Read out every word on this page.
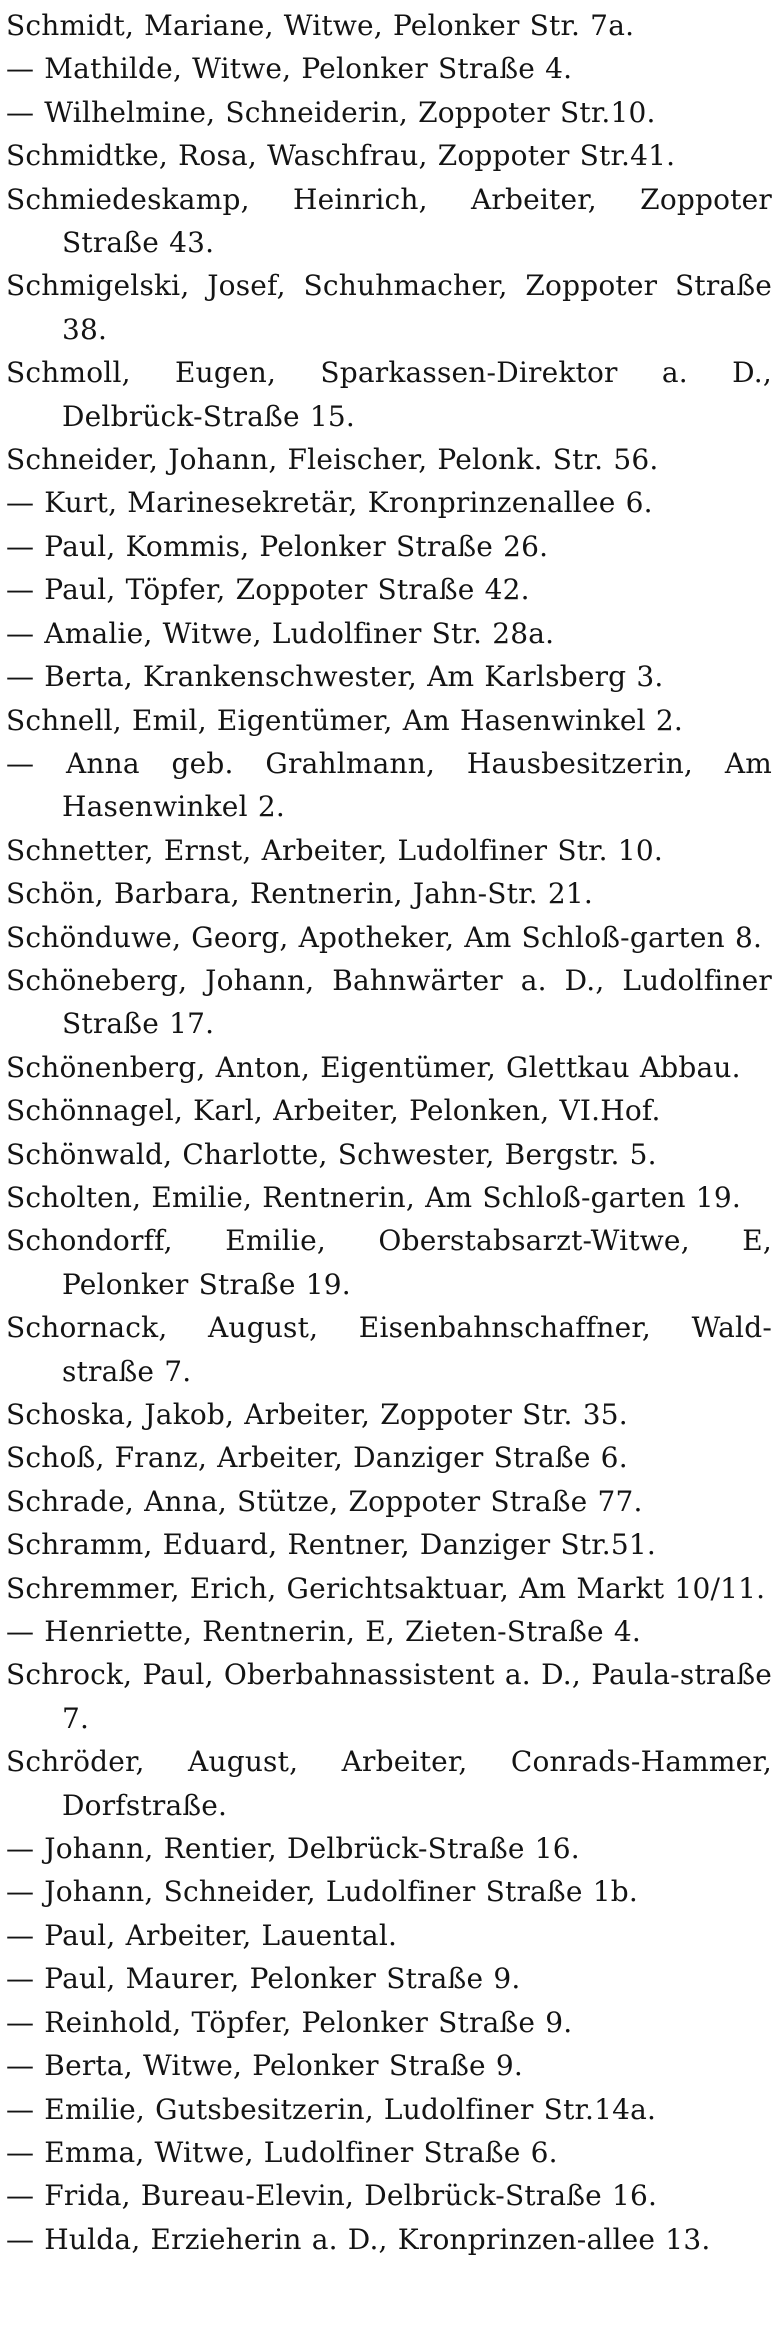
Schmidt, Mariane, Witwe, Pelonker Str. 7a.
— Mathilde, Witwe, Pelonker Straße 4.
— Wilhelmine, Schneiderin, Zoppoter Str.10.
Schmidtke, Rosa, Waschfrau, Zoppoter Str.41.
Schmiedeskamp, Heinrich, Arbeiter, Zoppoter Straße 43.
Schmigelski, Josef, Schuhmacher, Zoppoter Straße 38.
Schmoll, Eugen, Sparkassen-Direktor a. D., Delbrück-Straße 15.
Schneider, Johann, Fleischer, Pelonk. Str. 56.
— Kurt, Marinesekretär, Kronprinzenallee 6.
— Paul, Kommis, Pelonker Straße 26.
— Paul, Töpfer, Zoppoter Straße 42.
— Amalie, Witwe, Ludolfiner Str. 28a.
— Berta, Krankenschwester, Am Karlsberg 3.
Schnell, Emil, Eigentümer, Am Hasenwinkel 2.
— Anna geb. Grahlmann, Hausbesitzerin, Am Hasenwinkel 2.
Schnetter, Ernst, Arbeiter, Ludolfiner Str. 10.
Schön, Barbara, Rentnerin, Jahn-Str. 21.
Schönduwe, Georg, Apotheker, Am Schloß-garten 8.
Schöneberg, Johann, Bahnwärter a. D., Ludolfiner Straße 17.
Schönenberg, Anton, Eigentümer, Glettkau Abbau.
Schönnagel, Karl, Arbeiter, Pelonken, VI.Hof.
Schönwald, Charlotte, Schwester, Bergstr. 5.
Scholten, Emilie, Rentnerin, Am Schloß-garten 19.
Schondorff, Emilie, Oberstabsarzt-Witwe, E, Pelonker Straße 19.
Schornack, August, Eisenbahnschaffner, Wald-straße 7.
Schoska, Jakob, Arbeiter, Zoppoter Str. 35.
Schoß, Franz, Arbeiter, Danziger Straße 6.
Schrade, Anna, Stütze, Zoppoter Straße 77.
Schramm, Eduard, Rentner, Danziger Str.51.
Schremmer, Erich, Gerichtsaktuar, Am Markt 10/11.
— Henriette, Rentnerin, E, Zieten-Straße 4.
Schrock, Paul, Oberbahnassistent a. D., Paula-straße 7.
Schröder, August, Arbeiter, Conrads-Hammer, Dorfstraße.
— Johann, Rentier, Delbrück-Straße 16.
— Johann, Schneider, Ludolfiner Straße 1b.
— Paul, Arbeiter, Lauental.
— Paul, Maurer, Pelonker Straße 9.
— Reinhold, Töpfer, Pelonker Straße 9.
— Berta, Witwe, Pelonker Straße 9.
— Emilie, Gutsbesitzerin, Ludolfiner Str.14a.
— Emma, Witwe, Ludolfiner Straße 6.
— Frida, Bureau-Elevin, Delbrück-Straße 16.
— Hulda, Erzieherin a. D., Kronprinzen-allee 13.
